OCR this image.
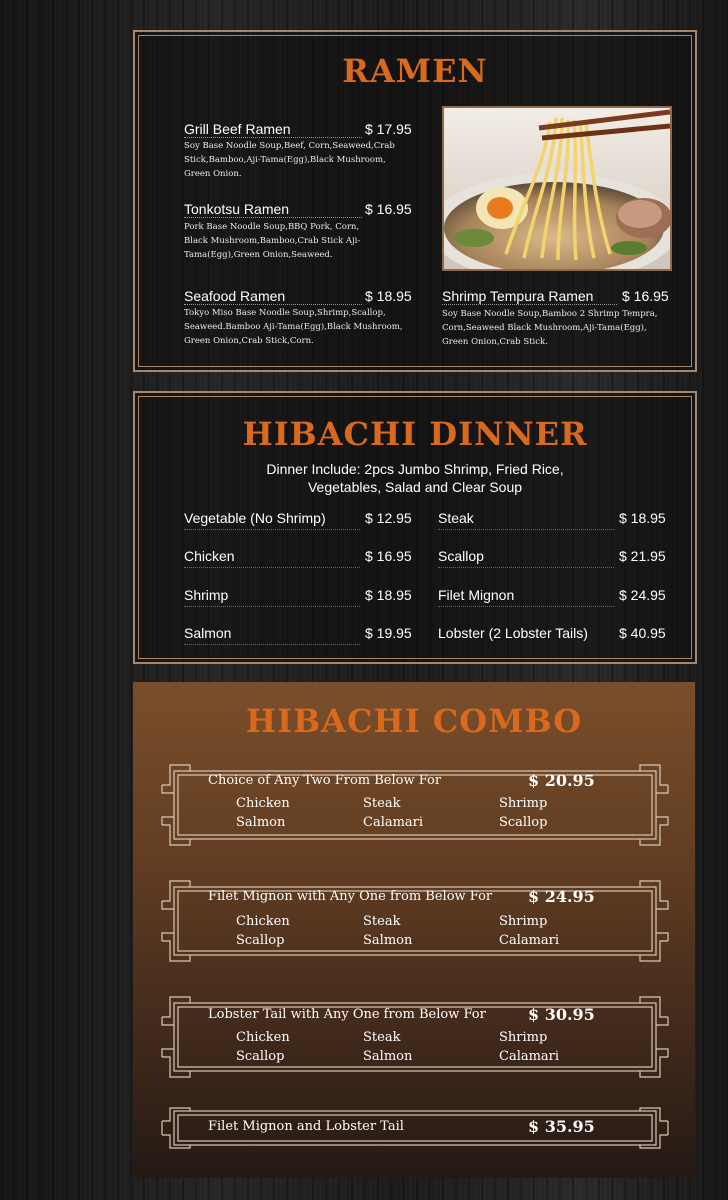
RAMEN
Grill Beef Ramen	$ 17.95
Soy Base Noodle Soup,Beef, Corn,Seaweed,Crab Stick,Bamboo,Aji-Tama(Egg),Black Mushroom, Green Onion.
Tonkotsu Ramen	$ 16.95
Pork Base Noodle Soup,BBQ Pork, Corn, Black Mushroom,Bamboo,Crab Stick Aji-Tama(Egg),Green Onion,Seaweed.
Seafood Ramen	$ 18.95
Tokyo Miso Base Noodle Soup,Shrimp,Scallop, Seaweed.Bamboo Aji-Tama(Egg),Black Mushroom, Green Onion,Crab Stick,Corn.
Shrimp Tempura Ramen	$ 16.95
Soy Base Noodle Soup,Bamboo 2 Shrimp Tempra, Corn,Seaweed Black Mushroom,Aji-Tama(Egg), Green Onion,Crab Stick.
HIBACHI DINNER
Dinner Include: 2pcs Jumbo Shrimp, Fried Rice,
Vegetables, Salad and Clear Soup
Vegetable (No Shrimp)	$ 12.95
Chicken	$ 16.95
Shrimp	$ 18.95
Salmon	$ 19.95
Steak	$ 18.95
Scallop	$ 21.95
Filet Mignon	$ 24.95
Lobster (2 Lobster Tails) $ 40.95
HIBACHI COMBO
Choice of Any Two From Below For	$ 20.95
Chicken	Steak	Shrimp
Salmon	Calamari	Scallop
Filet Mignon with Any One from Below For $ 24.95
Chicken	Steak	Shrimp
Scallop	Salmon	Calamari
Lobster Tail with Any One from Below For	$ 30.95
Chicken	Steak	Shrimp
Scallop	Salmon	Calamari
Filet Mignon and Lobster Tail	$ 35.95
